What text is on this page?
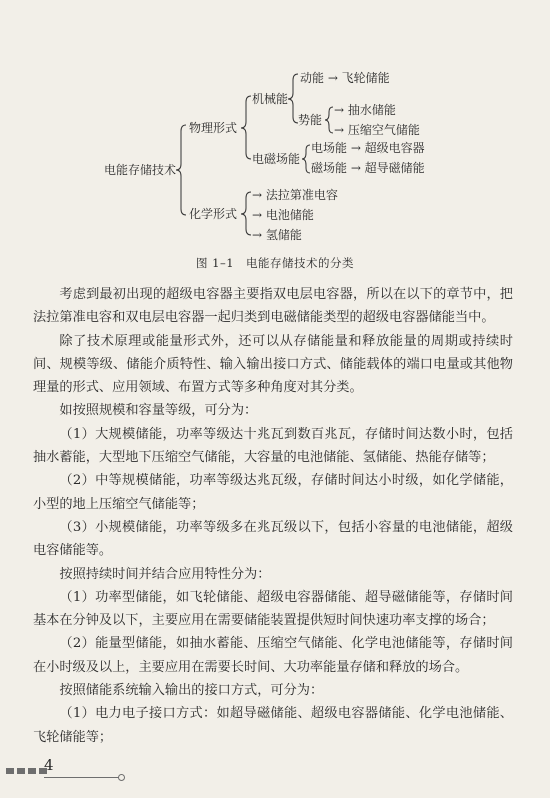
电能存储技术
物理形式
化学形式
机械能
势能
电磁场能
动能 → 飞轮储能
→ 抽水储能
→ 压缩空气储能
电场能 → 超级电容器
磁场能 → 超导磁储能
→ 法拉第准电容
→ 电池储能
→ 氢储能
图 1–1　电能存储技术的分类

考虑到最初出现的超级电容器主要指双电层电容器，所以在以下的章节中，把法拉第准电容和双电层电容器一起归类到电磁储能类型的超级电容器储能当中。

除了技术原理或能量形式外，还可以从存储能量和释放能量的周期或持续时间、规模等级、储能介质特性、输入输出接口方式、储能载体的端口电量或其他物理量的形式、应用领域、布置方式等多种角度对其分类。

如按照规模和容量等级，可分为：

（1）大规模储能，功率等级达十兆瓦到数百兆瓦，存储时间达数小时，包括抽水蓄能，大型地下压缩空气储能，大容量的电池储能、氢储能、热能存储等；

（2）中等规模储能，功率等级达兆瓦级，存储时间达小时级，如化学储能，小型的地上压缩空气储能等；

（3）小规模储能，功率等级多在兆瓦级以下，包括小容量的电池储能，超级电容储能等。

按照持续时间并结合应用特性分为：

（1）功率型储能，如飞轮储能、超级电容器储能、超导磁储能等，存储时间基本在分钟及以下，主要应用在需要储能装置提供短时间快速功率支撑的场合；

（2）能量型储能，如抽水蓄能、压缩空气储能、化学电池储能等，存储时间在小时级及以上，主要应用在需要长时间、大功率能量存储和释放的场合。

按照储能系统输入输出的接口方式，可分为：

（1）电力电子接口方式：如超导磁储能、超级电容器储能、化学电池储能、飞轮储能等；

4
